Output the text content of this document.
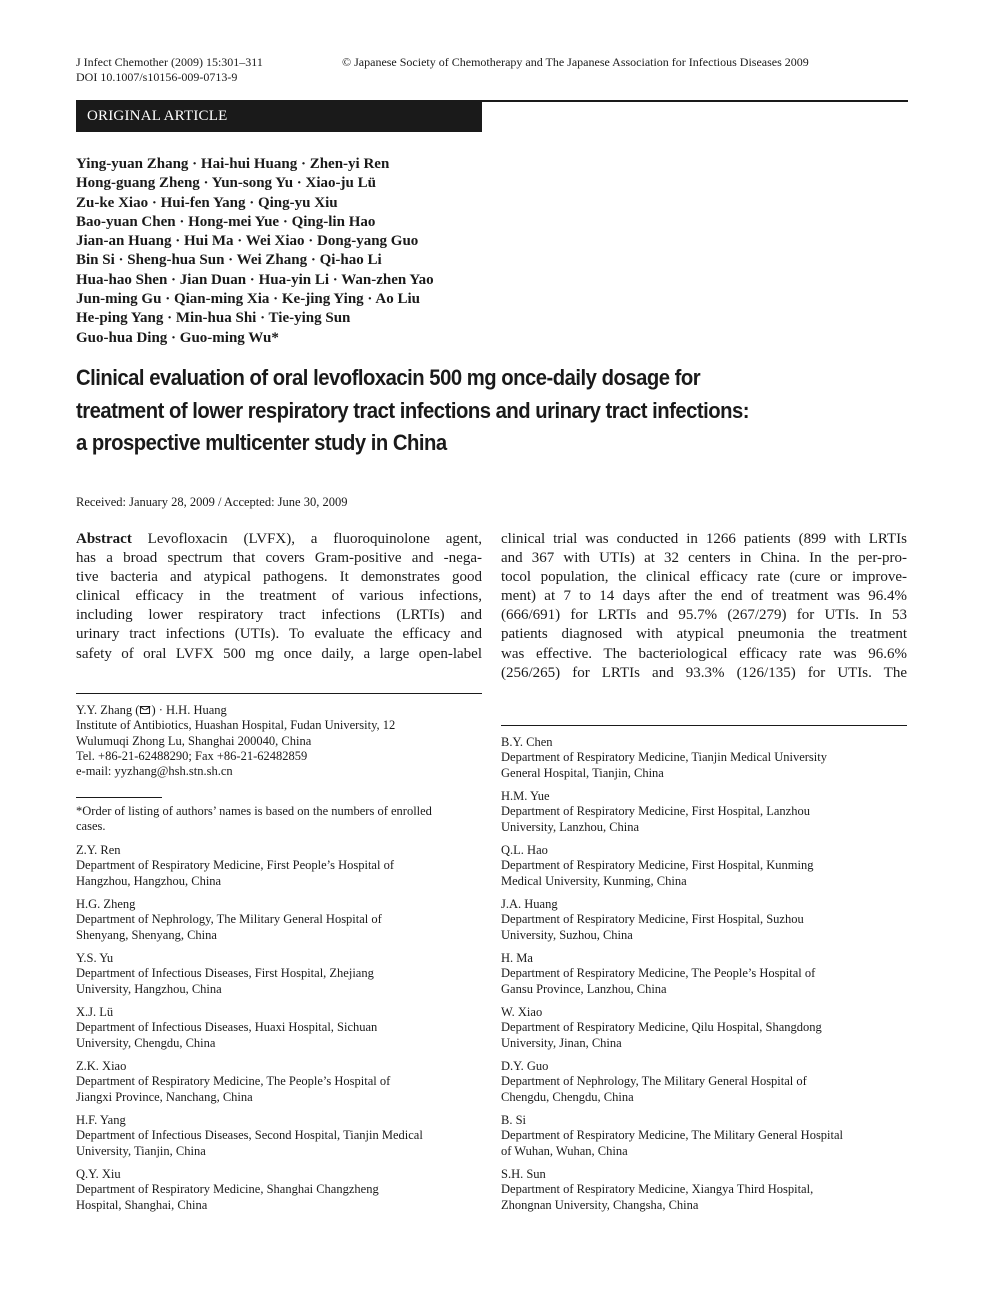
J Infect Chemother (2009) 15:301–311
DOI 10.1007/s10156-009-0713-9
© Japanese Society of Chemotherapy and The Japanese Association for Infectious Diseases 2009
ORIGINAL ARTICLE
Ying-yuan Zhang · Hai-hui Huang · Zhen-yi Ren
Hong-guang Zheng · Yun-song Yu · Xiao-ju Lü
Zu-ke Xiao · Hui-fen Yang · Qing-yu Xiu
Bao-yuan Chen · Hong-mei Yue · Qing-lin Hao
Jian-an Huang · Hui Ma · Wei Xiao · Dong-yang Guo
Bin Si · Sheng-hua Sun · Wei Zhang · Qi-hao Li
Hua-hao Shen · Jian Duan · Hua-yin Li · Wan-zhen Yao
Jun-ming Gu · Qian-ming Xia · Ke-jing Ying · Ao Liu
He-ping Yang · Min-hua Shi · Tie-ying Sun
Guo-hua Ding · Guo-ming Wu*
Clinical evaluation of oral levofloxacin 500 mg once-daily dosage for
treatment of lower respiratory tract infections and urinary tract infections:
a prospective multicenter study in China
Received: January 28, 2009 / Accepted: June 30, 2009
Abstract Levofloxacin (LVFX), a fluoroquinolone agent,
has a broad spectrum that covers Gram-positive and -nega-
tive bacteria and atypical pathogens. It demonstrates good
clinical efficacy in the treatment of various infections,
including lower respiratory tract infections (LRTIs) and
urinary tract infections (UTIs). To evaluate the efficacy and
safety of oral LVFX 500 mg once daily, a large open-label
clinical trial was conducted in 1266 patients (899 with LRTIs
and 367 with UTIs) at 32 centers in China. In the per-pro-
tocol population, the clinical efficacy rate (cure or improve-
ment) at 7 to 14 days after the end of treatment was 96.4%
(666/691) for LRTIs and 95.7% (267/279) for UTIs. In 53
patients diagnosed with atypical pneumonia the treatment
was effective. The bacteriological efficacy rate was 96.6%
(256/265) for LRTIs and 93.3% (126/135) for UTIs. The
Y.Y. Zhang ( ) · H.H. Huang
Institute of Antibiotics, Huashan Hospital, Fudan University, 12
Wulumuqi Zhong Lu, Shanghai 200040, China
Tel. +86-21-62488290; Fax +86-21-62482859
e-mail: yyzhang@hsh.stn.sh.cn
*Order of listing of authors’ names is based on the numbers of enrolled
cases.
Z.Y. Ren
Department of Respiratory Medicine, First People’s Hospital of
Hangzhou, Hangzhou, China
H.G. Zheng
Department of Nephrology, The Military General Hospital of
Shenyang, Shenyang, China
Y.S. Yu
Department of Infectious Diseases, First Hospital, Zhejiang
University, Hangzhou, China
X.J. Lü
Department of Infectious Diseases, Huaxi Hospital, Sichuan
University, Chengdu, China
Z.K. Xiao
Department of Respiratory Medicine, The People’s Hospital of
Jiangxi Province, Nanchang, China
H.F. Yang
Department of Infectious Diseases, Second Hospital, Tianjin Medical
University, Tianjin, China
Q.Y. Xiu
Department of Respiratory Medicine, Shanghai Changzheng
Hospital, Shanghai, China
B.Y. Chen
Department of Respiratory Medicine, Tianjin Medical University
General Hospital, Tianjin, China
H.M. Yue
Department of Respiratory Medicine, First Hospital, Lanzhou
University, Lanzhou, China
Q.L. Hao
Department of Respiratory Medicine, First Hospital, Kunming
Medical University, Kunming, China
J.A. Huang
Department of Respiratory Medicine, First Hospital, Suzhou
University, Suzhou, China
H. Ma
Department of Respiratory Medicine, The People’s Hospital of
Gansu Province, Lanzhou, China
W. Xiao
Department of Respiratory Medicine, Qilu Hospital, Shangdong
University, Jinan, China
D.Y. Guo
Department of Nephrology, The Military General Hospital of
Chengdu, Chengdu, China
B. Si
Department of Respiratory Medicine, The Military General Hospital
of Wuhan, Wuhan, China
S.H. Sun
Department of Respiratory Medicine, Xiangya Third Hospital,
Zhongnan University, Changsha, China
